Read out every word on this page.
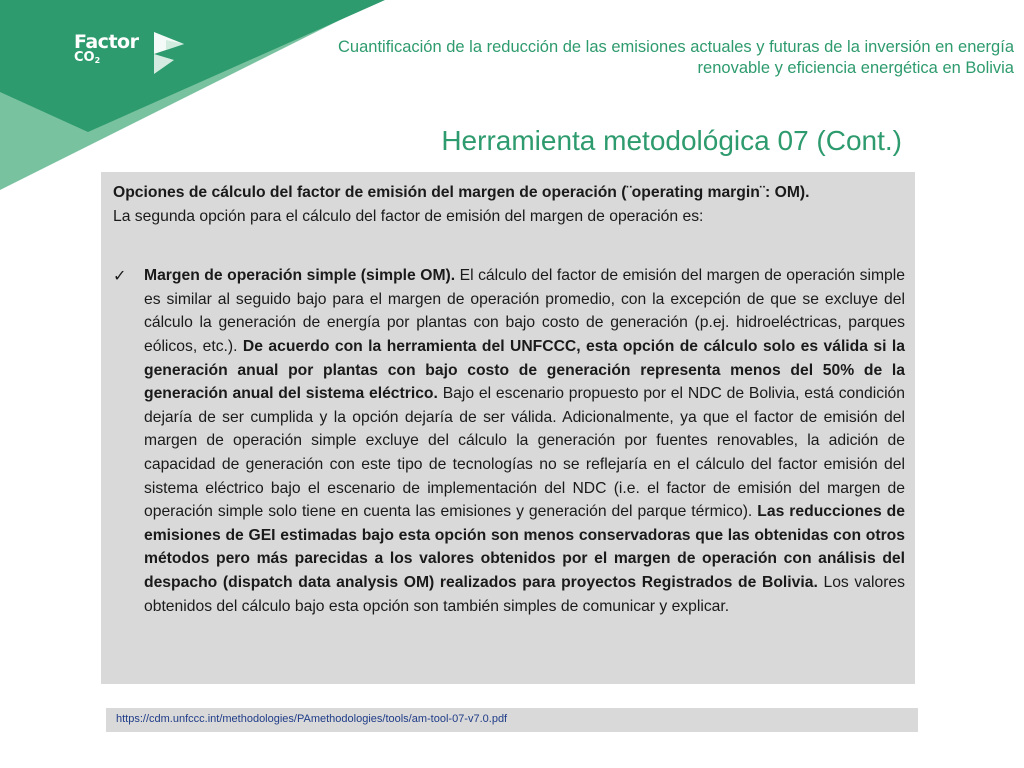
Factor
$CO_2$
Cuantificación de la reducción de las emisiones actuales y futuras de la inversión en energía renovable y eficiencia energética en Bolivia
Herramienta metodológica 07 (Cont.)

Opciones de cálculo del factor de emisión del margen de operación (¨operating margin¨: OM).
La segunda opción para el cálculo del factor de emisión del margen de operación es:

✓ Margen de operación simple (simple OM). El cálculo del factor de emisión del margen de operación simple es similar al seguido bajo para el margen de operación promedio, con la excepción de que se excluye del cálculo la generación de energía por plantas con bajo costo de generación (p.ej. hidroeléctricas, parques eólicos, etc.). De acuerdo con la herramienta del UNFCCC, esta opción de cálculo solo es válida si la generación anual por plantas con bajo costo de generación representa menos del 50% de la generación anual del sistema eléctrico. Bajo el escenario propuesto por el NDC de Bolivia, está condición dejaría de ser cumplida y la opción dejaría de ser válida. Adicionalmente, ya que el factor de emisión del margen de operación simple excluye del cálculo la generación por fuentes renovables, la adición de capacidad de generación con este tipo de tecnologías no se reflejaría en el cálculo del factor emisión del sistema eléctrico bajo el escenario de implementación del NDC (i.e. el factor de emisión del margen de operación simple solo tiene en cuenta las emisiones y generación del parque térmico). Las reducciones de emisiones de GEI estimadas bajo esta opción son menos conservadoras que las obtenidas con otros métodos pero más parecidas a los valores obtenidos por el margen de operación con análisis del despacho (dispatch data analysis OM) realizados para proyectos Registrados de Bolivia. Los valores obtenidos del cálculo bajo esta opción son también simples de comunicar y explicar.
https://cdm.unfccc.int/methodologies/PAmethodologies/tools/am-tool-07-v7.0.pdf
